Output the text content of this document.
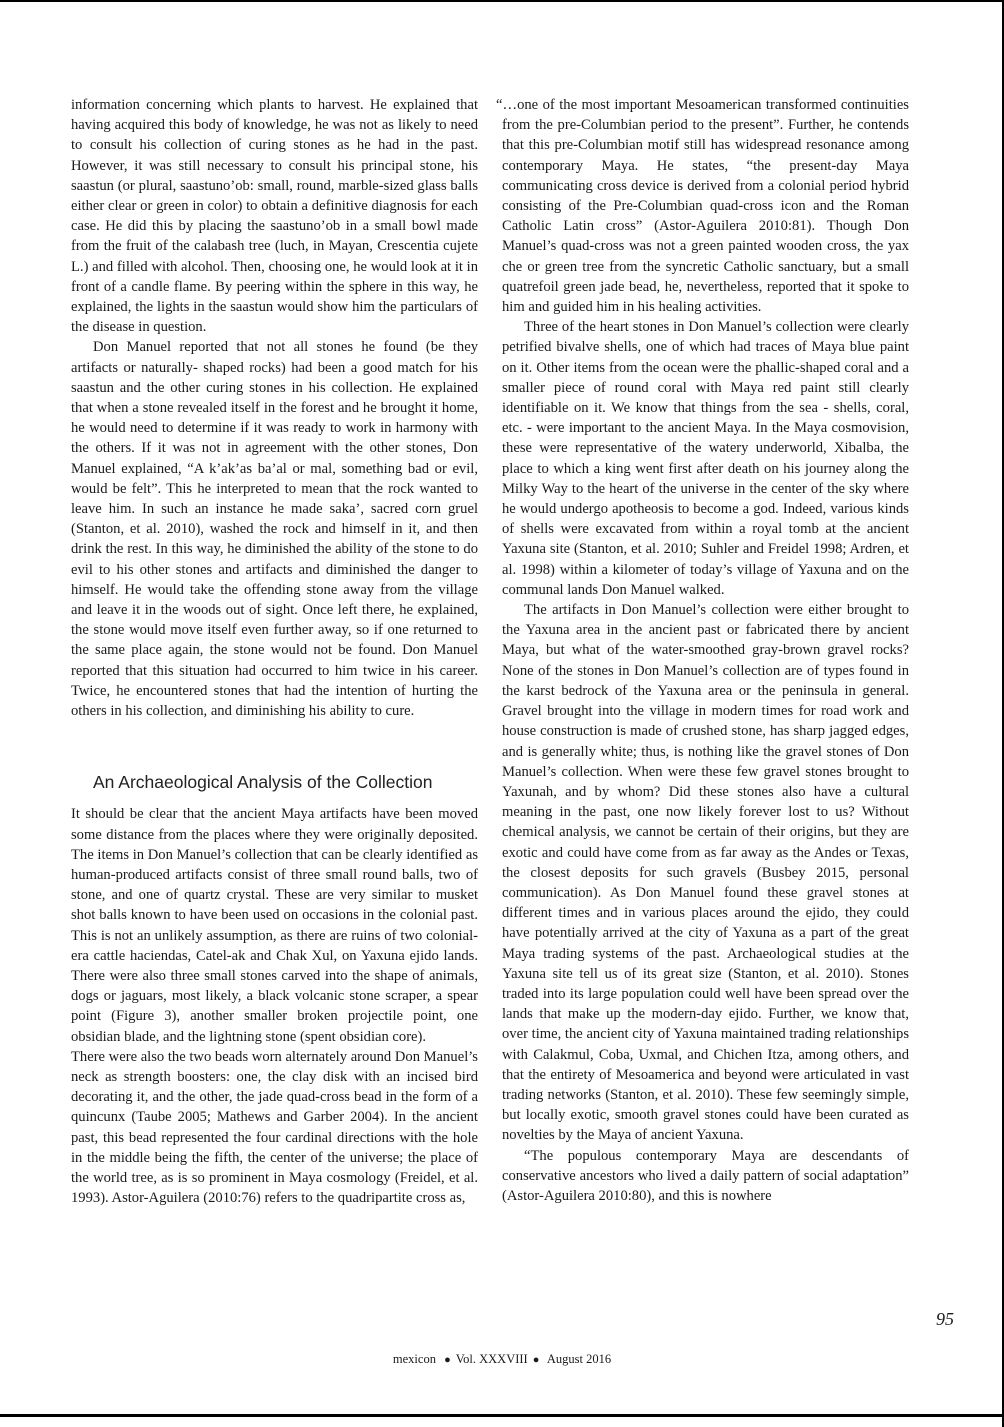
information concerning which plants to harvest. He explained that having acquired this body of knowledge, he was not as likely to need to consult his collection of curing stones as he had in the past. However, it was still necessary to consult his principal stone, his saastun (or plural, saastuno’ob: small, round, marble-sized glass balls either clear or green in color) to obtain a definitive diagnosis for each case. He did this by placing the saastuno’ob in a small bowl made from the fruit of the calabash tree (luch, in Mayan, Crescentia cujete L.) and filled with alcohol. Then, choosing one, he would look at it in front of a candle flame. By peering within the sphere in this way, he explained, the lights in the saastun would show him the particulars of the disease in question.

Don Manuel reported that not all stones he found (be they artifacts or naturally- shaped rocks) had been a good match for his saastun and the other curing stones in his collection. He explained that when a stone revealed itself in the forest and he brought it home, he would need to determine if it was ready to work in harmony with the others. If it was not in agreement with the other stones, Don Manuel explained, “A k’ak’as ba’al or mal, something bad or evil, would be felt”. This he interpreted to mean that the rock wanted to leave him. In such an instance he made saka’, sacred corn gruel (Stanton, et al. 2010), washed the rock and himself in it, and then drink the rest. In this way, he diminished the ability of the stone to do evil to his other stones and artifacts and diminished the danger to himself. He would take the offending stone away from the village and leave it in the woods out of sight. Once left there, he explained, the stone would move itself even further away, so if one returned to the same place again, the stone would not be found. Don Manuel reported that this situation had occurred to him twice in his career. Twice, he encountered stones that had the intention of hurting the others in his collection, and diminishing his ability to cure.

An Archaeological Analysis of the Collection

It should be clear that the ancient Maya artifacts have been moved some distance from the places where they were originally deposited. The items in Don Manuel’s collection that can be clearly identified as human-produced artifacts consist of three small round balls, two of stone, and one of quartz crystal. These are very similar to musket shot balls known to have been used on occasions in the colonial past. This is not an unlikely assumption, as there are ruins of two colonial-era cattle haciendas, Catel-ak and Chak Xul, on Yaxuna ejido lands. There were also three small stones carved into the shape of animals, dogs or jaguars, most likely, a black volcanic stone scraper, a spear point (Figure 3), another smaller broken projectile point, one obsidian blade, and the lightning stone (spent obsidian core).

There were also the two beads worn alternately around Don Manuel’s neck as strength boosters: one, the clay disk with an incised bird decorating it, and the other, the jade quad-cross bead in the form of a quincunx (Taube 2005; Mathews and Garber 2004). In the ancient past, this bead represented the four cardinal directions with the hole in the middle being the fifth, the center of the universe; the place of the world tree, as is so prominent in Maya cosmology (Freidel, et al. 1993). Astor-Aguilera (2010:76) refers to the quadripartite cross as,

“…one of the most important Mesoamerican transformed continuities from the pre-Columbian period to the present”. Further, he contends that this pre-Columbian motif still has widespread resonance among contemporary Maya. He states, “the present-day Maya communicating cross device is derived from a colonial period hybrid consisting of the Pre-Columbian quad-cross icon and the Roman Catholic Latin cross” (Astor-Aguilera 2010:81). Though Don Manuel’s quad-cross was not a green painted wooden cross, the yax che or green tree from the syncretic Catholic sanctuary, but a small quatrefoil green jade bead, he, nevertheless, reported that it spoke to him and guided him in his healing activities.

Three of the heart stones in Don Manuel’s collection were clearly petrified bivalve shells, one of which had traces of Maya blue paint on it. Other items from the ocean were the phallic-shaped coral and a smaller piece of round coral with Maya red paint still clearly identifiable on it. We know that things from the sea - shells, coral, etc. - were important to the ancient Maya. In the Maya cosmovision, these were representative of the watery underworld, Xibalba, the place to which a king went first after death on his journey along the Milky Way to the heart of the universe in the center of the sky where he would undergo apotheosis to become a god. Indeed, various kinds of shells were excavated from within a royal tomb at the ancient Yaxuna site (Stanton, et al. 2010; Suhler and Freidel 1998; Ardren, et al. 1998) within a kilometer of today’s village of Yaxuna and on the communal lands Don Manuel walked.

The artifacts in Don Manuel’s collection were either brought to the Yaxuna area in the ancient past or fabricated there by ancient Maya, but what of the water-smoothed gray-brown gravel rocks? None of the stones in Don Manuel’s collection are of types found in the karst bedrock of the Yaxuna area or the peninsula in general. Gravel brought into the village in modern times for road work and house construction is made of crushed stone, has sharp jagged edges, and is generally white; thus, is nothing like the gravel stones of Don Manuel’s collection. When were these few gravel stones brought to Yaxunah, and by whom? Did these stones also have a cultural meaning in the past, one now likely forever lost to us? Without chemical analysis, we cannot be certain of their origins, but they are exotic and could have come from as far away as the Andes or Texas, the closest deposits for such gravels (Busbey 2015, personal communication). As Don Manuel found these gravel stones at different times and in various places around the ejido, they could have potentially arrived at the city of Yaxuna as a part of the great Maya trading systems of the past. Archaeological studies at the Yaxuna site tell us of its great size (Stanton, et al. 2010). Stones traded into its large population could well have been spread over the lands that make up the modern-day ejido. Further, we know that, over time, the ancient city of Yaxuna maintained trading relationships with Calakmul, Coba, Uxmal, and Chichen Itza, among others, and that the entirety of Mesoamerica and beyond were articulated in vast trading networks (Stanton, et al. 2010). These few seemingly simple, but locally exotic, smooth gravel stones could have been curated as novelties by the Maya of ancient Yaxuna.

“The populous contemporary Maya are descendants of conservative ancestors who lived a daily pattern of social adaptation” (Astor-Aguilera 2010:80), and this is nowhere

95
mexicon ● Vol. XXXVIII ● August 2016
